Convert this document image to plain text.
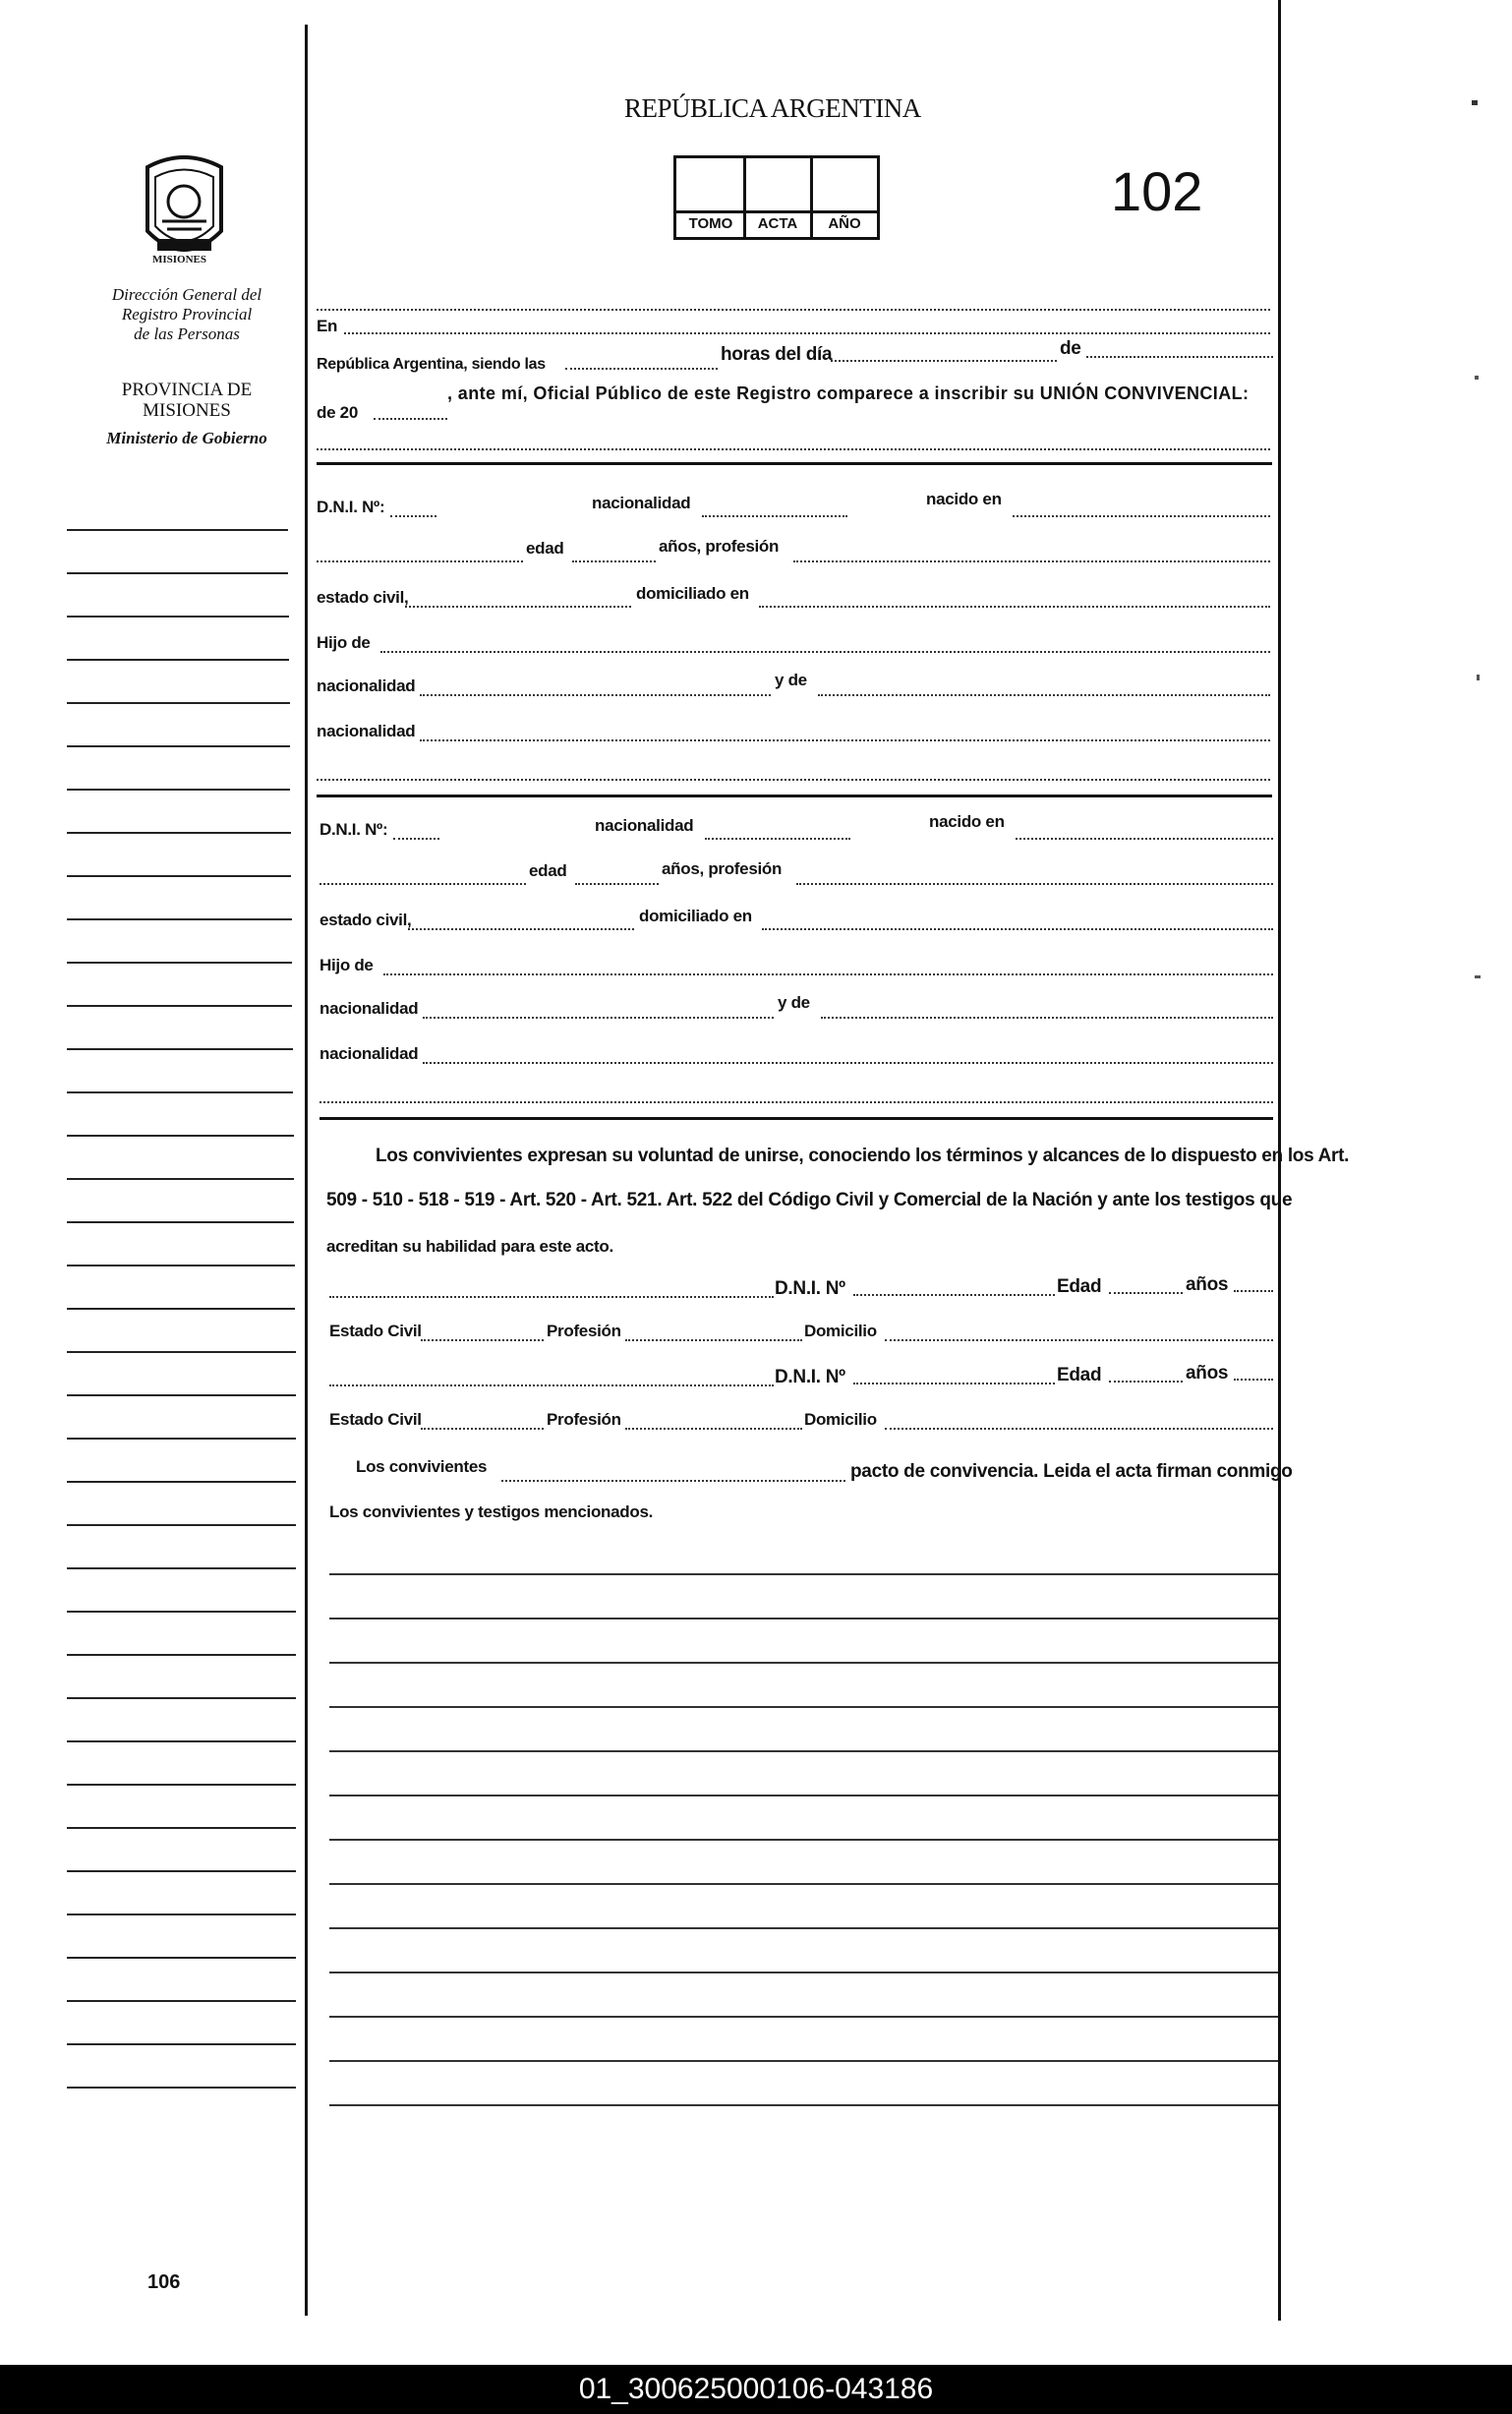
MISIONES
Dirección General del
Registro Provincial
de las Personas
PROVINCIA DE
MISIONES
Ministerio de Gobierno
106
REPÚBLICA ARGENTINA
TOMO	ACTA	AÑO
102
En
República Argentina, siendo las	horas del día	de
de 20
, ante mí, Oficial Público de este Registro comparece a inscribir su UNIÓN CONVIVENCIAL:
D.N.I. Nº:	nacionalidad	nacido en
edad	años, profesión
estado civil,	domiciliado en
Hijo de
nacionalidad	y de
nacionalidad
D.N.I. Nº:	nacionalidad	nacido en
edad	años, profesión
estado civil,	domiciliado en
Hijo de
nacionalidad	y de
nacionalidad
Los convivientes expresan su voluntad de unirse, conociendo los términos y alcances de lo dispuesto en los Art.
509 - 510 - 518 - 519 - Art. 520 - Art. 521. Art. 522 del Código Civil y Comercial de la Nación y ante los testigos que
acreditan su habilidad para este acto.
D.N.I. Nº	Edad	años
Estado Civil	Profesión	Domicilio
D.N.I. Nº	Edad	años
Estado Civil	Profesión	Domicilio
Los convivientes	pacto de convivencia. Leida el acta firman conmigo
Los convivientes y testigos mencionados.
01_300625000106-043186
